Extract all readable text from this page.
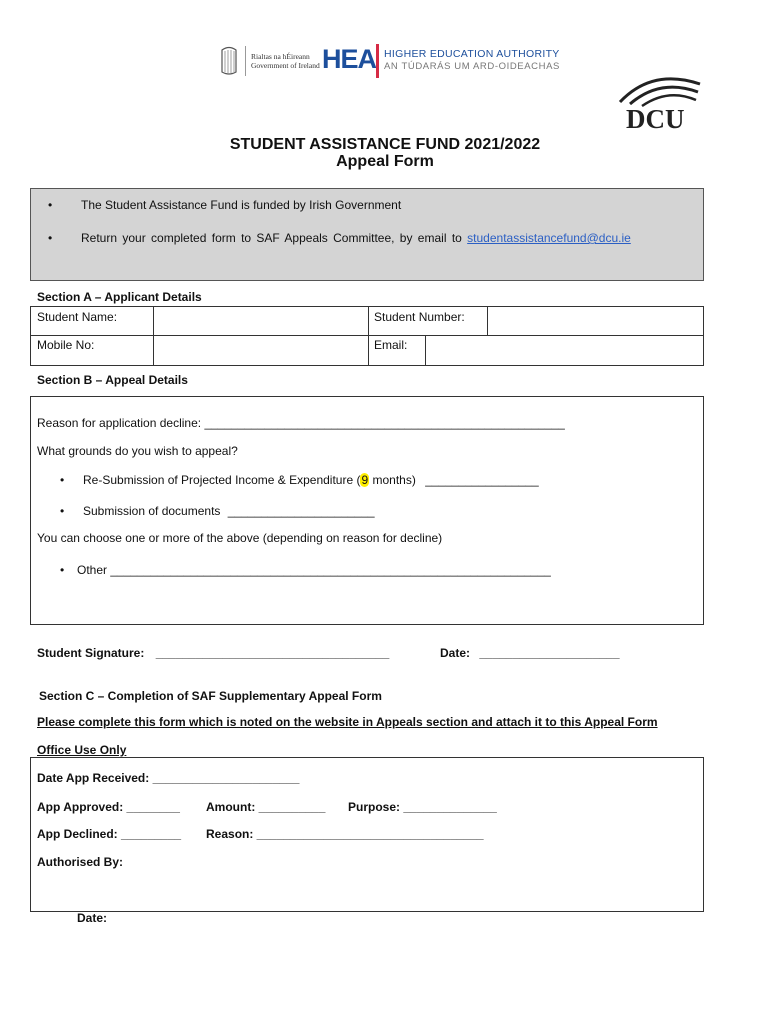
Rialtas na hÉireann
Government of Ireland HEA HIGHER EDUCATION AUTHORITY
AN TÚDARÁS UM ARD-OIDEACHAS
DCU
STUDENT ASSISTANCE FUND 2021/2022
Appeal Form
• The Student Assistance Fund is funded by Irish Government
• Return your completed form to SAF Appeals Committee, by email to studentassistancefund@dcu.ie
Section A – Applicant Details
Student Name:	Student Number:
Mobile No:	Email:
Section B – Appeal Details
Reason for application decline: ______________________________________________________
What grounds do you wish to appeal?
• Re-Submission of Projected Income & Expenditure (9 months) _________________
• Submission of documents ______________________
You can choose one or more of the above (depending on reason for decline)
• Other __________________________________________________________________
Student Signature: ___________________________________	Date: _____________________
Section C – Completion of SAF Supplementary Appeal Form
Please complete this form which is noted on the website in Appeals section and attach it to this Appeal Form
Office Use Only
Date App Received: ______________________
App Approved: ________ Amount: __________ Purpose: ______________
App Declined: _________ Reason: __________________________________
Authorised By:
Date:
